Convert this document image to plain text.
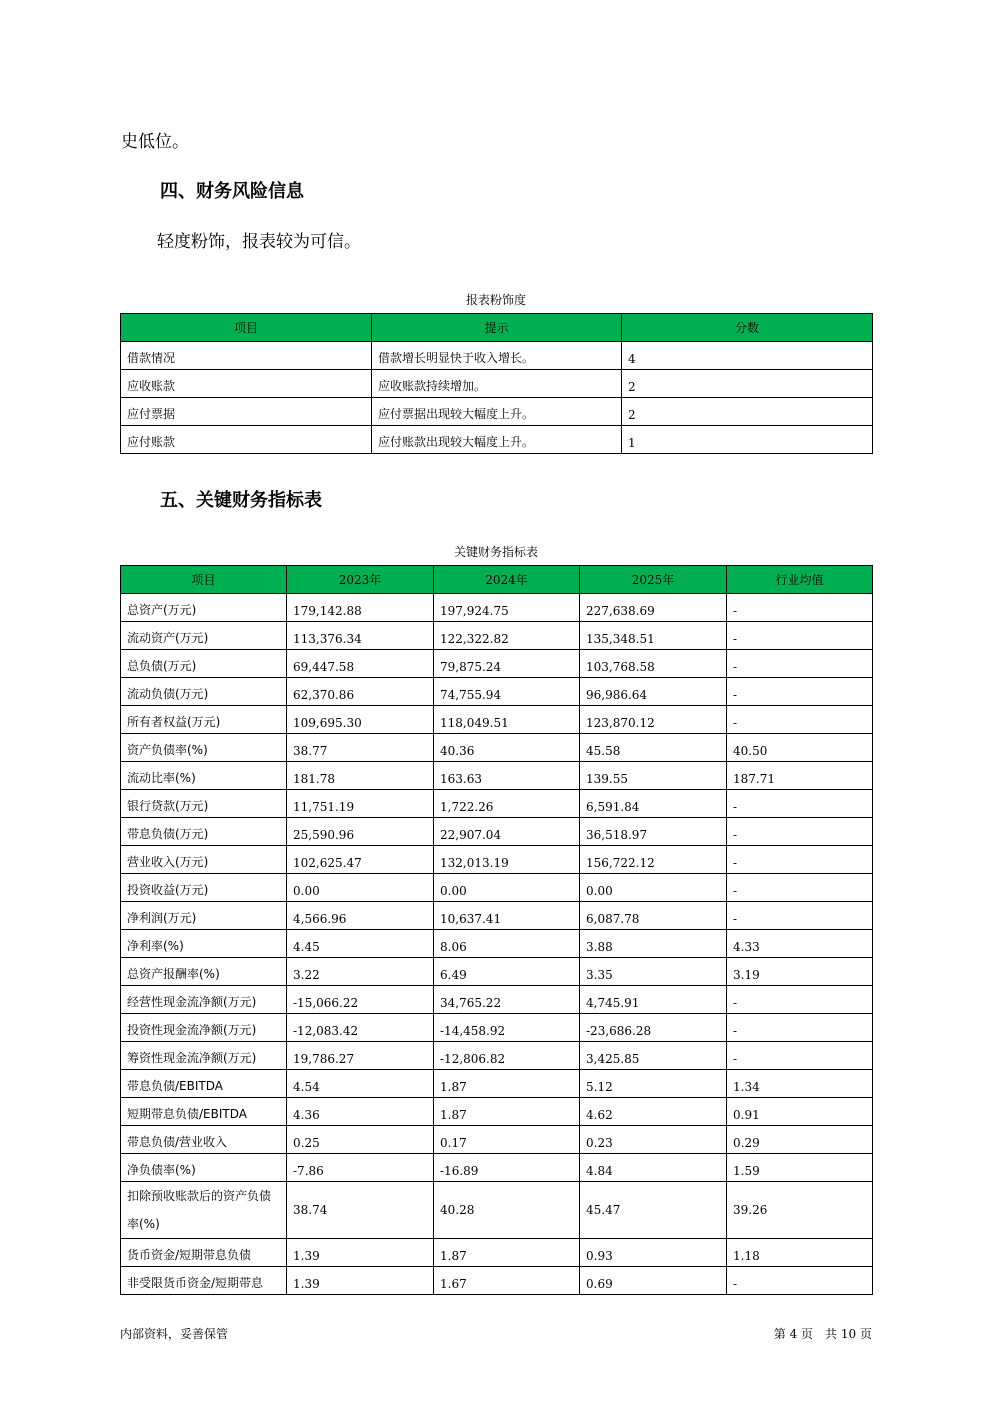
史低位。
四、财务风险信息
轻度粉饰，报表较为可信。
报表粉饰度
项目	提示	分数
借款情况	借款增长明显快于收入增长。	4
应收账款	应收账款持续增加。	2
应付票据	应付票据出现较大幅度上升。	2
应付账款	应付账款出现较大幅度上升。	1
五、关键财务指标表
关键财务指标表
项目	2023年	2024年	2025年	行业均值
总资产(万元)	179,142.88	197,924.75	227,638.69	-
流动资产(万元)	113,376.34	122,322.82	135,348.51	-
总负债(万元)	69,447.58	79,875.24	103,768.58	-
流动负债(万元)	62,370.86	74,755.94	96,986.64	-
所有者权益(万元)	109,695.30	118,049.51	123,870.12	-
资产负债率(%)	38.77	40.36	45.58	40.50
流动比率(%)	181.78	163.63	139.55	187.71
银行贷款(万元)	11,751.19	1,722.26	6,591.84	-
带息负债(万元)	25,590.96	22,907.04	36,518.97	-
营业收入(万元)	102,625.47	132,013.19	156,722.12	-
投资收益(万元)	0.00	0.00	0.00	-
净利润(万元)	4,566.96	10,637.41	6,087.78	-
净利率(%)	4.45	8.06	3.88	4.33
总资产报酬率(%)	3.22	6.49	3.35	3.19
经营性现金流净额(万元)	-15,066.22	34,765.22	4,745.91	-
投资性现金流净额(万元)	-12,083.42	-14,458.92	-23,686.28	-
筹资性现金流净额(万元)	19,786.27	-12,806.82	3,425.85	-
带息负债/EBITDA	4.54	1.87	5.12	1.34
短期带息负债/EBITDA	4.36	1.87	4.62	0.91
带息负债/营业收入	0.25	0.17	0.23	0.29
净负债率(%)	-7.86	-16.89	4.84	1.59
扣除预收账款后的资产负债率(%)	38.74	40.28	45.47	39.26
货币资金/短期带息负债	1.39	1.87	0.93	1.18
非受限货币资金/短期带息	1.39	1.67	0.69	-
内部资料，妥善保管	第 4 页　共 10 页
